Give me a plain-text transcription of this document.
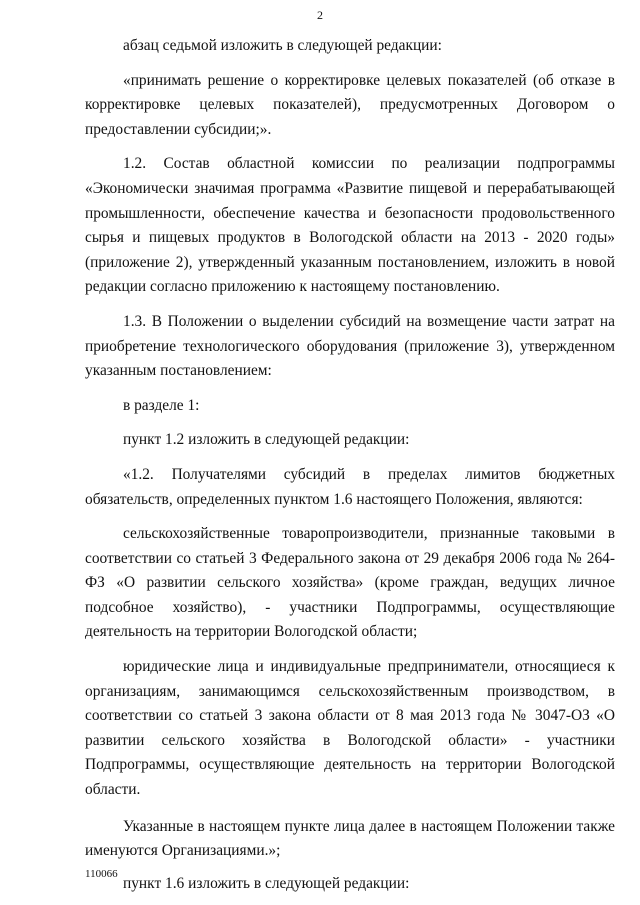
2

абзац седьмой изложить в следующей редакции:

«принимать решение о корректировке целевых показателей (об отказе в корректировке целевых показателей), предусмотренных Договором о предоставлении субсидии;».

1.2. Состав областной комиссии по реализации подпрограммы «Экономически значимая программа «Развитие пищевой и перерабатывающей промышленности, обеспечение качества и безопасности продовольственного сырья и пищевых продуктов в Вологодской области на 2013 - 2020 годы» (приложение 2), утвержденный указанным постановлением, изложить в новой редакции согласно приложению к настоящему постановлению.

1.3. В Положении о выделении субсидий на возмещение части затрат на приобретение технологического оборудования (приложение 3), утвержденном указанным постановлением:

в разделе 1:

пункт 1.2 изложить в следующей редакции:

«1.2. Получателями субсидий в пределах лимитов бюджетных обязательств, определенных пунктом 1.6 настоящего Положения, являются:

сельскохозяйственные товаропроизводители, признанные таковыми в соответствии со статьей 3 Федерального закона от 29 декабря 2006 года № 264-ФЗ «О развитии сельского хозяйства» (кроме граждан, ведущих личное подсобное хозяйство), - участники Подпрограммы, осуществляющие деятельность на территории Вологодской области;

юридические лица и индивидуальные предприниматели, относящиеся к организациям, занимающимся сельскохозяйственным производством, в соответствии со статьей 3 закона области от 8 мая 2013 года № 3047-ОЗ «О развитии сельского хозяйства в Вологодской области» - участники Подпрограммы, осуществляющие деятельность на территории Вологодской области.

Указанные в настоящем пункте лица далее в настоящем Положении также именуются Организациями.»;

пункт 1.6 изложить в следующей редакции:

110066
